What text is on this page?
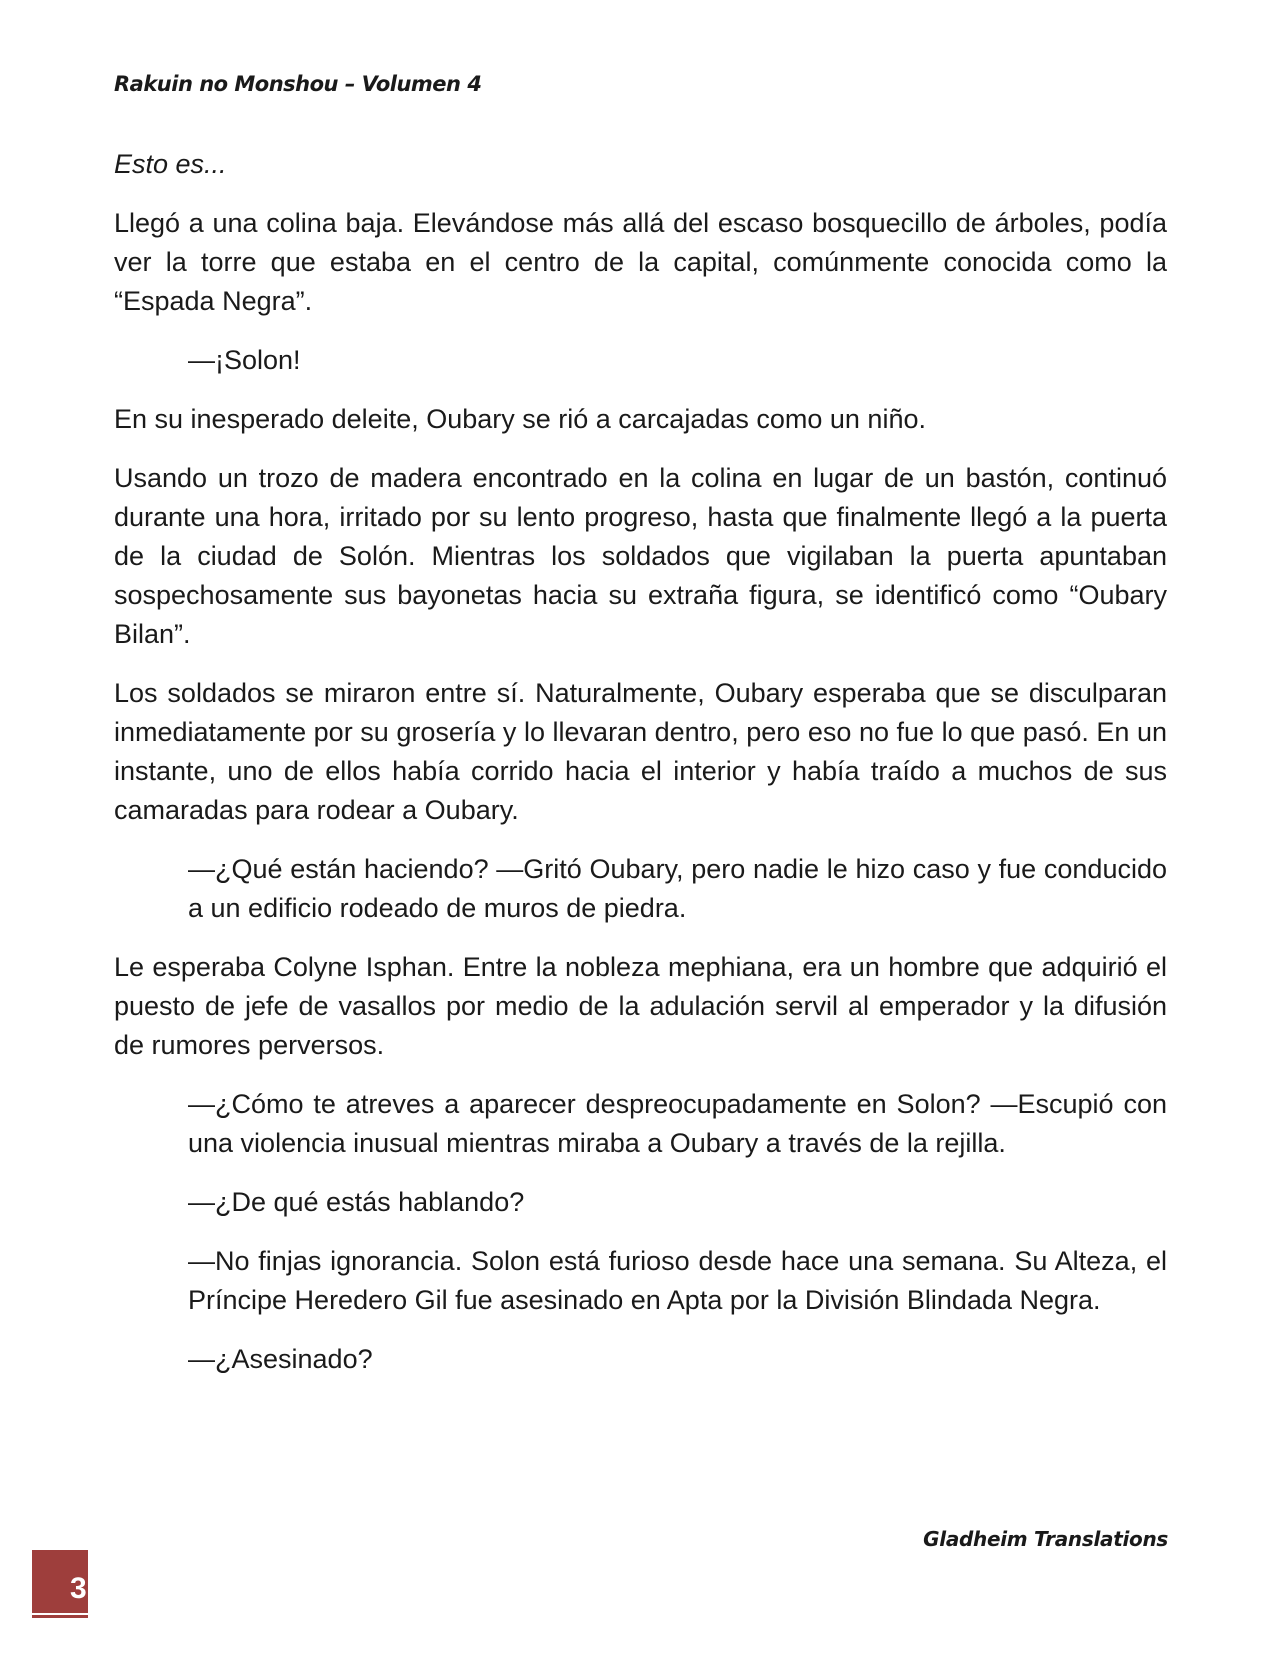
Rakuin no Monshou – Volumen 4

Esto es...

Llegó a una colina baja. Elevándose más allá del escaso bosquecillo de árboles, podía ver la torre que estaba en el centro de la capital, comúnmente conocida como la “Espada Negra”.

—¡Solon!

En su inesperado deleite, Oubary se rió a carcajadas como un niño.

Usando un trozo de madera encontrado en la colina en lugar de un bastón, continuó durante una hora, irritado por su lento progreso, hasta que finalmente llegó a la puerta de la ciudad de Solón. Mientras los soldados que vigilaban la puerta apuntaban sospechosamente sus bayonetas hacia su extraña figura, se identificó como “Oubary Bilan”.

Los soldados se miraron entre sí. Naturalmente, Oubary esperaba que se disculparan inmediatamente por su grosería y lo llevaran dentro, pero eso no fue lo que pasó. En un instante, uno de ellos había corrido hacia el interior y había traído a muchos de sus camaradas para rodear a Oubary.

—¿Qué están haciendo? —Gritó Oubary, pero nadie le hizo caso y fue conducido a un edificio rodeado de muros de piedra.

Le esperaba Colyne Isphan. Entre la nobleza mephiana, era un hombre que adquirió el puesto de jefe de vasallos por medio de la adulación servil al emperador y la difusión de rumores perversos.

—¿Cómo te atreves a aparecer despreocupadamente en Solon? —Escupió con una violencia inusual mientras miraba a Oubary a través de la rejilla.

—¿De qué estás hablando?

—No finjas ignorancia. Solon está furioso desde hace una semana. Su Alteza, el Príncipe Heredero Gil fue asesinado en Apta por la División Blindada Negra.

—¿Asesinado?

Gladheim Translations
3
